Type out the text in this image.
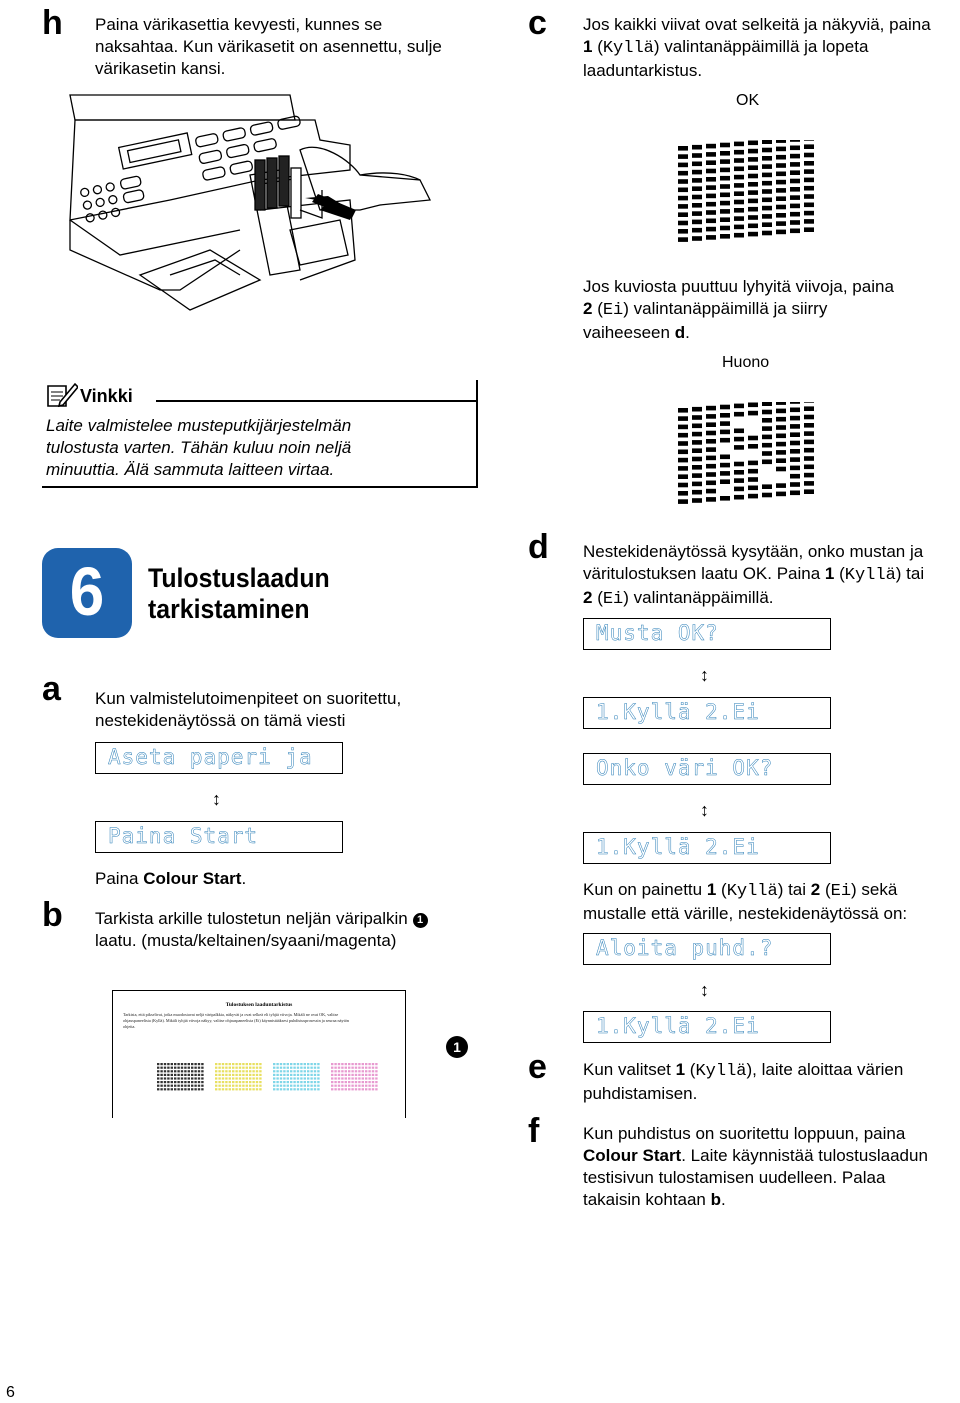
h Paina värikasettia kevyesti, kunnes se
naksahtaa. Kun värikasetit on asennettu, sulje
värikasetin kansi.
Vinkki
Laite valmistelee musteputkijärjestelmän
tulostusta varten. Tähän kuluu noin neljä
minuuttia. Älä sammuta laitteen virtaa.
6	Tulostuslaadun
tarkistaminen
a Kun valmistelutoimenpiteet on suoritettu,
nestekidenäytössä on tämä viesti
Aseta paperi ja
↕
Paina Start
Paina Colour Start.
b Tarkista arkille tulostetun neljän väripalkin 1
laatu. (musta/keltainen/syaani/magenta)
Tulostuksen laaduntarkistus
Tarkista, että pikselivat, jotka muodostavat neljä väripalkkia, näkyvät ja ovat selkeä eli tyhjiä viivoja. Mikäli ne ovat OK, valitse
ohjauspaneelista (Kyllä). Mikäli tyhjiä viivoja näkyy, valitse ohjauspaneelista (Ei) käynnistääksesi puhdistusprosessin ja seuraa näytön
ohjeita.
1
c Jos kaikki viivat ovat selkeitä ja näkyviä, paina
1 (Kyllä) valintanäppäimillä ja lopeta
laaduntarkistus.
OK
Jos kuviosta puuttuu lyhyitä viivoja, paina
2 (Ei) valintanäppäimillä ja siirry
vaiheeseen d.
Huono
d Nestekidenäytössä kysytään, onko mustan ja
väritulostuksen laatu OK. Paina 1 (Kyllä) tai
2 (Ei) valintanäppäimillä.
Musta OK?
↕
1.Kyllä 2.Ei
Onko väri OK?
↕
1.Kyllä 2.Ei
Kun on painettu 1 (Kyllä) tai 2 (Ei) sekä
mustalle että värille, nestekidenäytössä on:
Aloita puhd.?
↕
1.Kyllä 2.Ei
e Kun valitset 1 (Kyllä), laite aloittaa värien
puhdistamisen.
f	Kun puhdistus on suoritettu loppuun, paina
Colour Start. Laite käynnistää tulostuslaadun
testisivun tulostamisen uudelleen. Palaa
takaisin kohtaan b.
6
